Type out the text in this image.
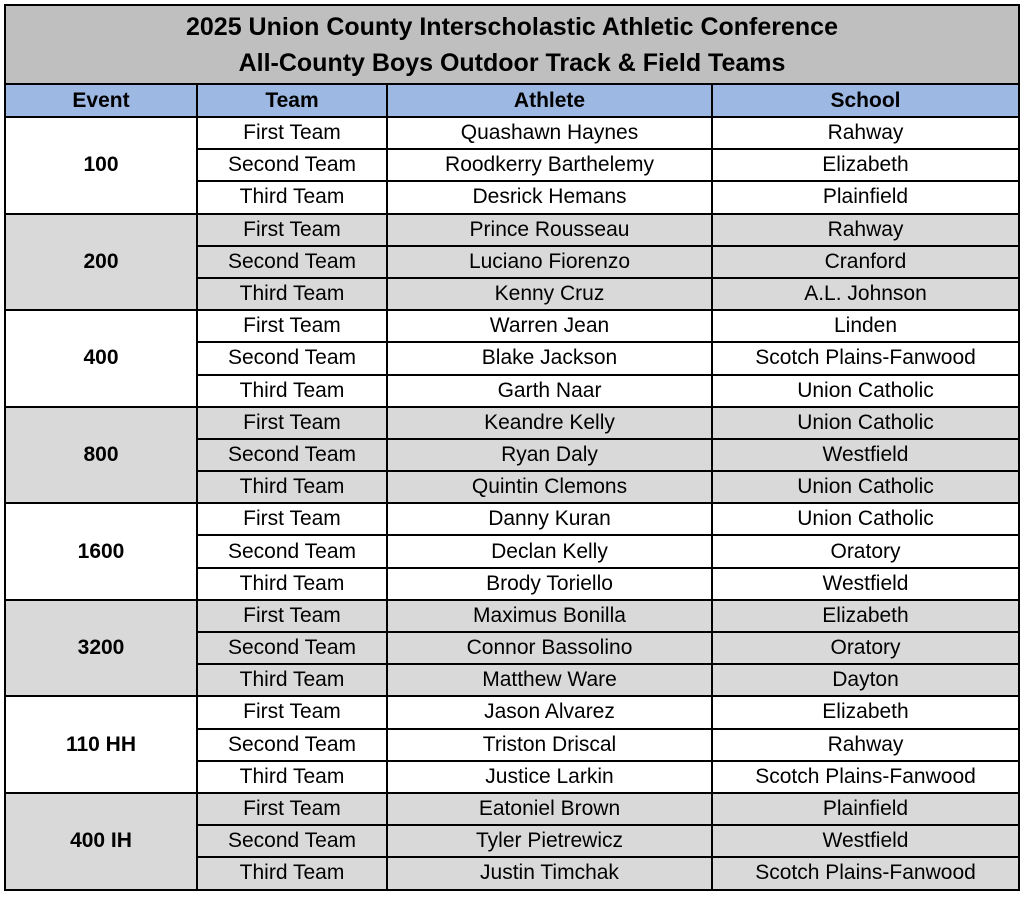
2025 Union County Interscholastic Athletic Conference
All-County Boys Outdoor Track & Field Teams			

Event	Team	Athlete	School
100	First Team	Quashawn Haynes	Rahway
	Second Team	Roodkerry Barthelemy	Elizabeth
	Third Team	Desrick Hemans	Plainfield
200	First Team	Prince Rousseau	Rahway
	Second Team	Luciano Fiorenzo	Cranford
	Third Team	Kenny Cruz	A.L. Johnson
400	First Team	Warren Jean	Linden
	Second Team	Blake Jackson	Scotch Plains-Fanwood
	Third Team	Garth Naar	Union Catholic
800	First Team	Keandre Kelly	Union Catholic
	Second Team	Ryan Daly	Westfield
	Third Team	Quintin Clemons	Union Catholic
1600	First Team	Danny Kuran	Union Catholic
	Second Team	Declan Kelly	Oratory
	Third Team	Brody Toriello	Westfield
3200	First Team	Maximus Bonilla	Elizabeth
	Second Team	Connor Bassolino	Oratory
	Third Team	Matthew Ware	Dayton
110 HH	First Team	Jason Alvarez	Elizabeth
	Second Team	Triston Driscal	Rahway
	Third Team	Justice Larkin	Scotch Plains-Fanwood
400 IH	First Team	Eatoniel Brown	Plainfield
	Second Team	Tyler Pietrewicz	Westfield
	Third Team	Justin Timchak	Scotch Plains-Fanwood
